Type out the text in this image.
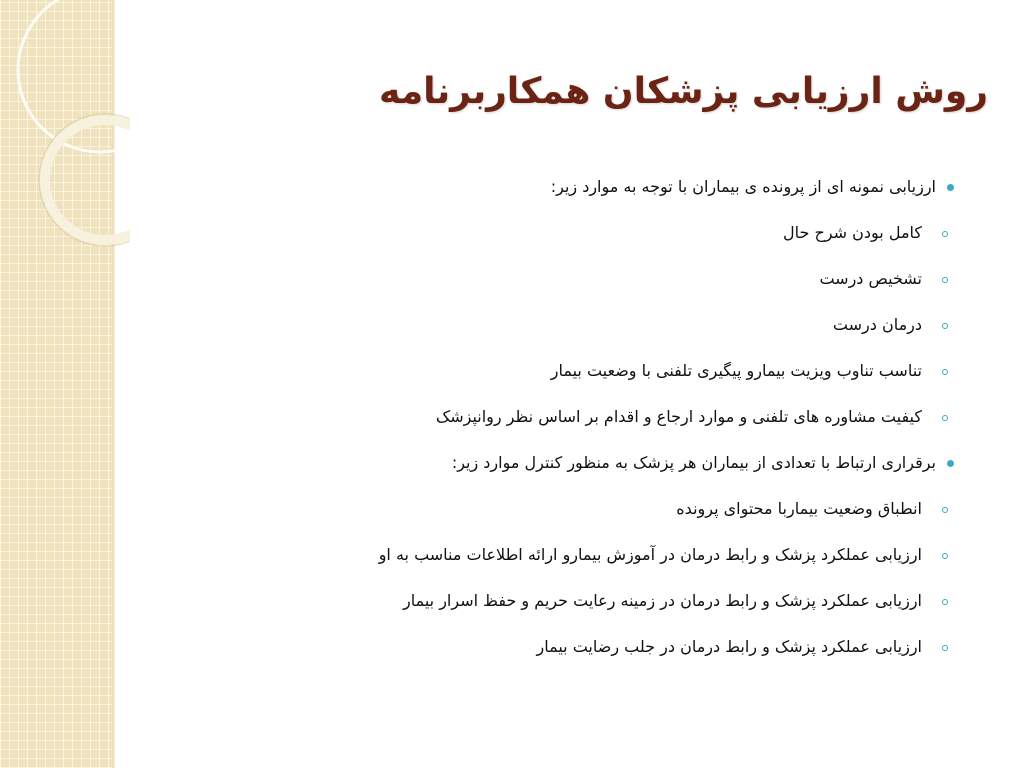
روش ارزیابی پزشکان همکاربرنامه
ارزیابی نمونه ای از پرونده ی بیماران با توجه به موارد زیر:
کامل بودن شرح حال
تشخیص درست
درمان درست
تناسب تناوب ویزیت بیمارو پیگیری تلفنی با وضعیت بیمار
کیفیت مشاوره های تلفنی و موارد ارجاع و اقدام بر اساس نظر روانپزشک
برقراری ارتباط با تعدادی از بیماران هر پزشک به منظور کنترل موارد زیر:
انطباق وضعیت بیماربا محتوای پرونده
ارزیابی عملکرد پزشک و رابط درمان در آموزش بیمارو ارائه اطلاعات مناسب به او
ارزیابی عملکرد پزشک و رابط درمان در زمینه رعایت حریم و حفظ اسرار بیمار
ارزیابی عملکرد پزشک و رابط درمان در جلب رضایت بیمار
